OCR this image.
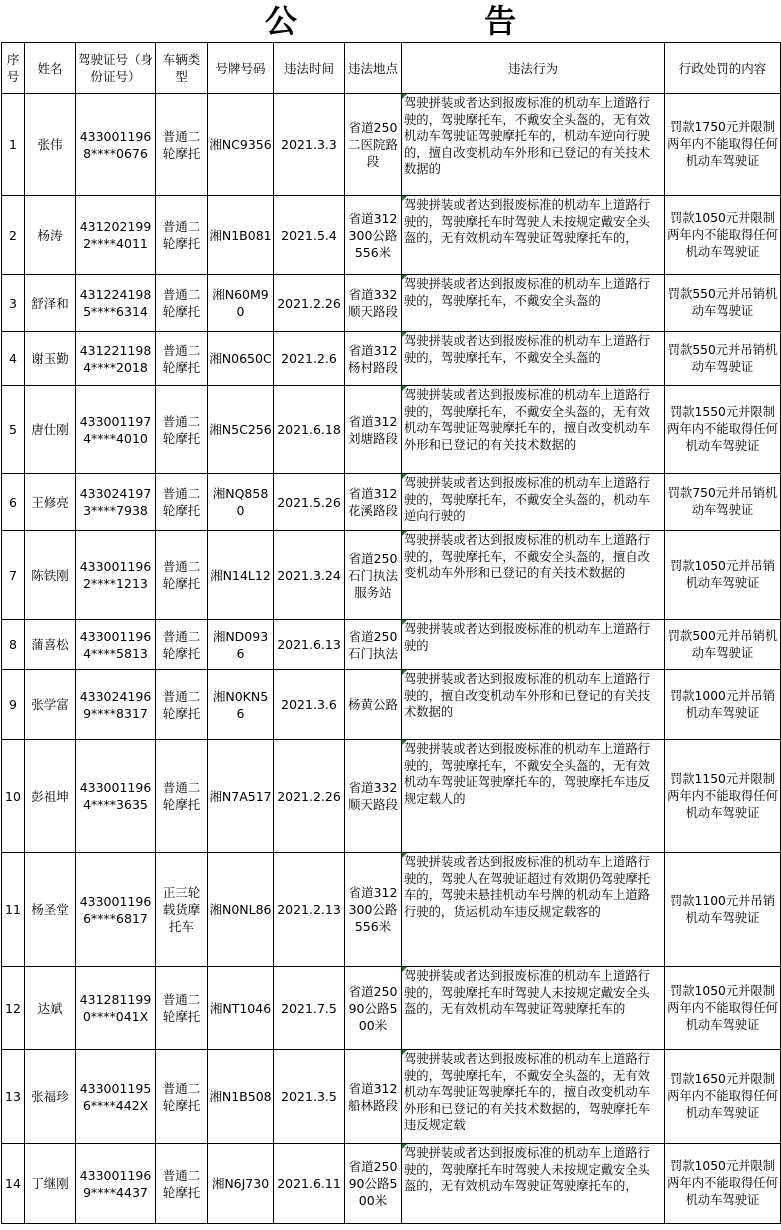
公 告
序号	姓名	驾驶证号（身份证号）	车辆类型	号牌号码	违法时间	违法地点	违法行为	行政处罚的内容
1	张伟	4330011968****0676	普通二轮摩托	湘NC9356	2021.3.3	省道250二医院路段	驾驶拼装或者达到报废标准的机动车上道路行驶的，驾驶摩托车，不戴安全头盔的，无有效机动车驾驶证驾驶摩托车的，机动车逆向行驶的，擅自改变机动车外形和已登记的有关技术数据的	罚款1750元并限制两年内不能取得任何机动车驾驶证
2	杨涛	4312021992****4011	普通二轮摩托	湘N1B081	2021.5.4	省道312300公路556米	驾驶拼装或者达到报废标准的机动车上道路行驶的，驾驶摩托车时驾驶人未按规定戴安全头盔的，无有效机动车驾驶证驾驶摩托车的，	罚款1050元并限制两年内不能取得任何机动车驾驶证
3	舒泽和	4312241985****6314	普通二轮摩托	湘N60M90	2021.2.26	省道332顺天路段	驾驶拼装或者达到报废标准的机动车上道路行驶的，驾驶摩托车，不戴安全头盔的	罚款550元并吊销机动车驾驶证
4	谢玉勤	4312211984****2018	普通二轮摩托	湘N0650C	2021.2.6	省道312杨村路段	驾驶拼装或者达到报废标准的机动车上道路行驶的，驾驶摩托车，不戴安全头盔的	罚款550元并吊销机动车驾驶证
5	唐仕刚	4330011974****4010	普通二轮摩托	湘N5C256	2021.6.18	省道312刘塘路段	驾驶拼装或者达到报废标准的机动车上道路行驶的，驾驶摩托车，不戴安全头盔的，无有效机动车驾驶证驾驶摩托车的，擅自改变机动车外形和已登记的有关技术数据的	罚款1550元并限制两年内不能取得任何机动车驾驶证
6	王修亮	4330241973****7938	普通二轮摩托	湘NQ8580	2021.5.26	省道312花溪路段	驾驶拼装或者达到报废标准的机动车上道路行驶的，驾驶摩托车，不戴安全头盔的，机动车逆向行驶的	罚款750元并吊销机动车驾驶证
7	陈铁刚	4330011962****1213	普通二轮摩托	湘N14L12	2021.3.24	省道250石门执法服务站	驾驶拼装或者达到报废标准的机动车上道路行驶的，驾驶摩托车，不戴安全头盔的，擅自改变机动车外形和已登记的有关技术数据的	罚款1050元并吊销机动车驾驶证
8	蒲喜松	4330011964****5813	普通二轮摩托	湘ND0936	2021.6.13	省道250石门执法	驾驶拼装或者达到报废标准的机动车上道路行驶的	罚款500元并吊销机动车驾驶证
9	张学富	4330241969****8317	普通二轮摩托	湘N0KN56	2021.3.6	杨黄公路	驾驶拼装或者达到报废标准的机动车上道路行驶的，擅自改变机动车外形和已登记的有关技术数据的	罚款1000元并吊销机动车驾驶证
10	彭祖坤	4330011964****3635	普通二轮摩托	湘N7A517	2021.2.26	省道332顺天路段	驾驶拼装或者达到报废标准的机动车上道路行驶的，驾驶摩托车，不戴安全头盔的，无有效机动车驾驶证驾驶摩托车的，驾驶摩托车违反规定载人的	罚款1150元并限制两年内不能取得任何机动车驾驶证
11	杨圣堂	4330011966****6817	正三轮载货摩托车	湘N0NL86	2021.2.13	省道312300公路556米	驾驶拼装或者达到报废标准的机动车上道路行驶的，驾驶人在驾驶证超过有效期仍驾驶摩托车的，驾驶未悬挂机动车号牌的机动车上道路行驶的，货运机动车违反规定载客的	罚款1100元并吊销机动车驾驶证
12	达斌	4312811990****041X	普通二轮摩托	湘NT1046	2021.7.5	省道25090公路500米	驾驶拼装或者达到报废标准的机动车上道路行驶的，驾驶摩托车时驾驶人未按规定戴安全头盔的，无有效机动车驾驶证驾驶摩托车的	罚款1050元并限制两年内不能取得任何机动车驾驶证
13	张福珍	4330011956****442X	普通二轮摩托	湘N1B508	2021.3.5	省道312船林路段	驾驶拼装或者达到报废标准的机动车上道路行驶的，驾驶摩托车，不戴安全头盔的，无有效机动车驾驶证驾驶摩托车的，擅自改变机动车外形和已登记的有关技术数据的，驾驶摩托车违反规定载	罚款1650元并限制两年内不能取得任何机动车驾驶证
14	丁继刚	4330011969****4437	普通二轮摩托	湘N6J730	2021.6.11	省道25090公路500米	驾驶拼装或者达到报废标准的机动车上道路行驶的，驾驶摩托车时驾驶人未按规定戴安全头盔的，无有效机动车驾驶证驾驶摩托车的，	罚款1050元并限制两年内不能取得任何机动车驾驶证
